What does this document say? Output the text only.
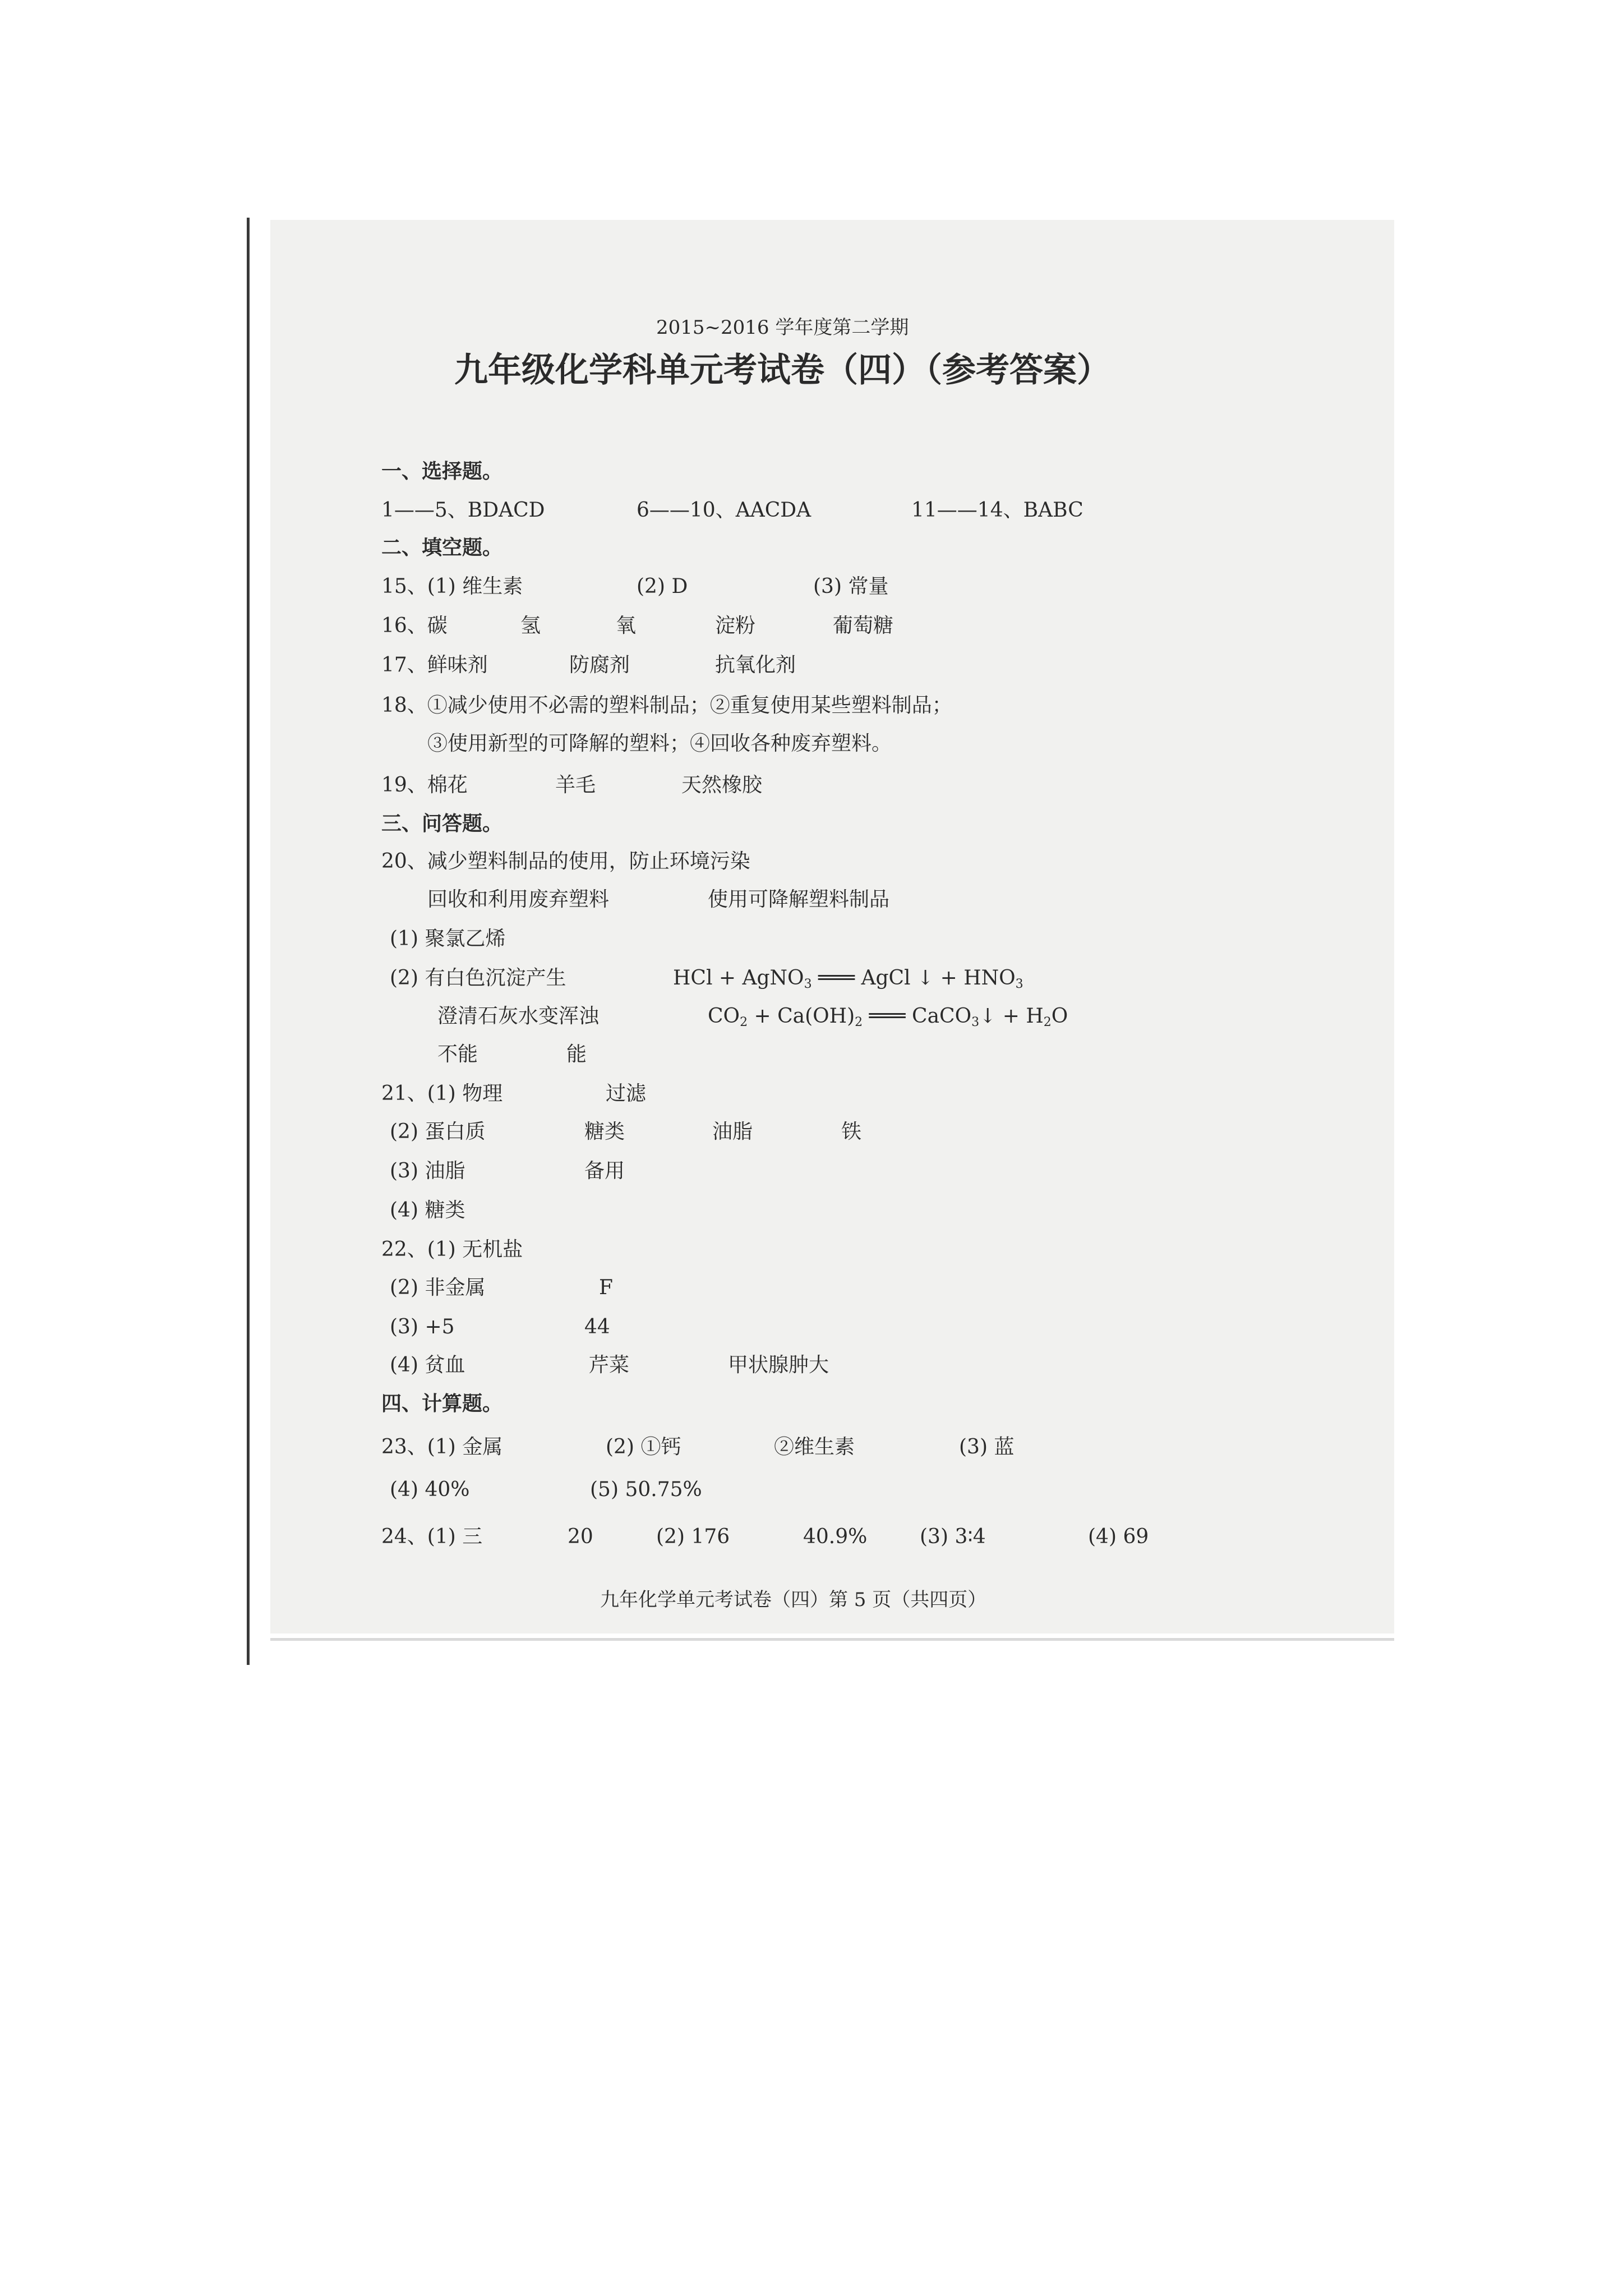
2015~2016 学年度第二学期
九年级化学科单元考试卷（四）（参考答案）
一、选择题。
1——5、BDACD	6——10、AACDA	11——14、BABC
二、填空题。
15、(1) 维生素	(2) D	(3) 常量
16、碳	氢	氧	淀粉	葡萄糖
17、鲜味剂	防腐剂	抗氧化剂
18、①减少使用不必需的塑料制品；②重复使用某些塑料制品；
③使用新型的可降解的塑料；④回收各种废弃塑料。
19、棉花	羊毛	天然橡胶
三、问答题。
20、减少塑料制品的使用，防止环境污染
回收和利用废弃塑料	使用可降解塑料制品
(1) 聚氯乙烯
(2) 有白色沉淀产生	HCl + AgNO$_3$ ═══ AgCl ↓ + $HNO_3$
澄清石灰水变浑浊	$CO_2 + Ca(OH)_2$ ═══ CaCO$_3$↓ + $H_2O$
不能	能
21、(1) 物理	过滤
(2) 蛋白质	糖类	油脂	铁
(3) 油脂	备用
(4) 糖类
22、(1) 无机盐
(2) 非金属	F
(3) +5	44
(4) 贫血	芹菜	甲状腺肿大
四、计算题。
23、(1) 金属	(2) ①钙	②维生素	(3) 蓝
(4) 40%	(5) 50.75%
24、(1) 三	20	(2) 176	40.9%	(3) 3∶4	(4) 69
九年化学单元考试卷（四）第 5 页（共四页）
